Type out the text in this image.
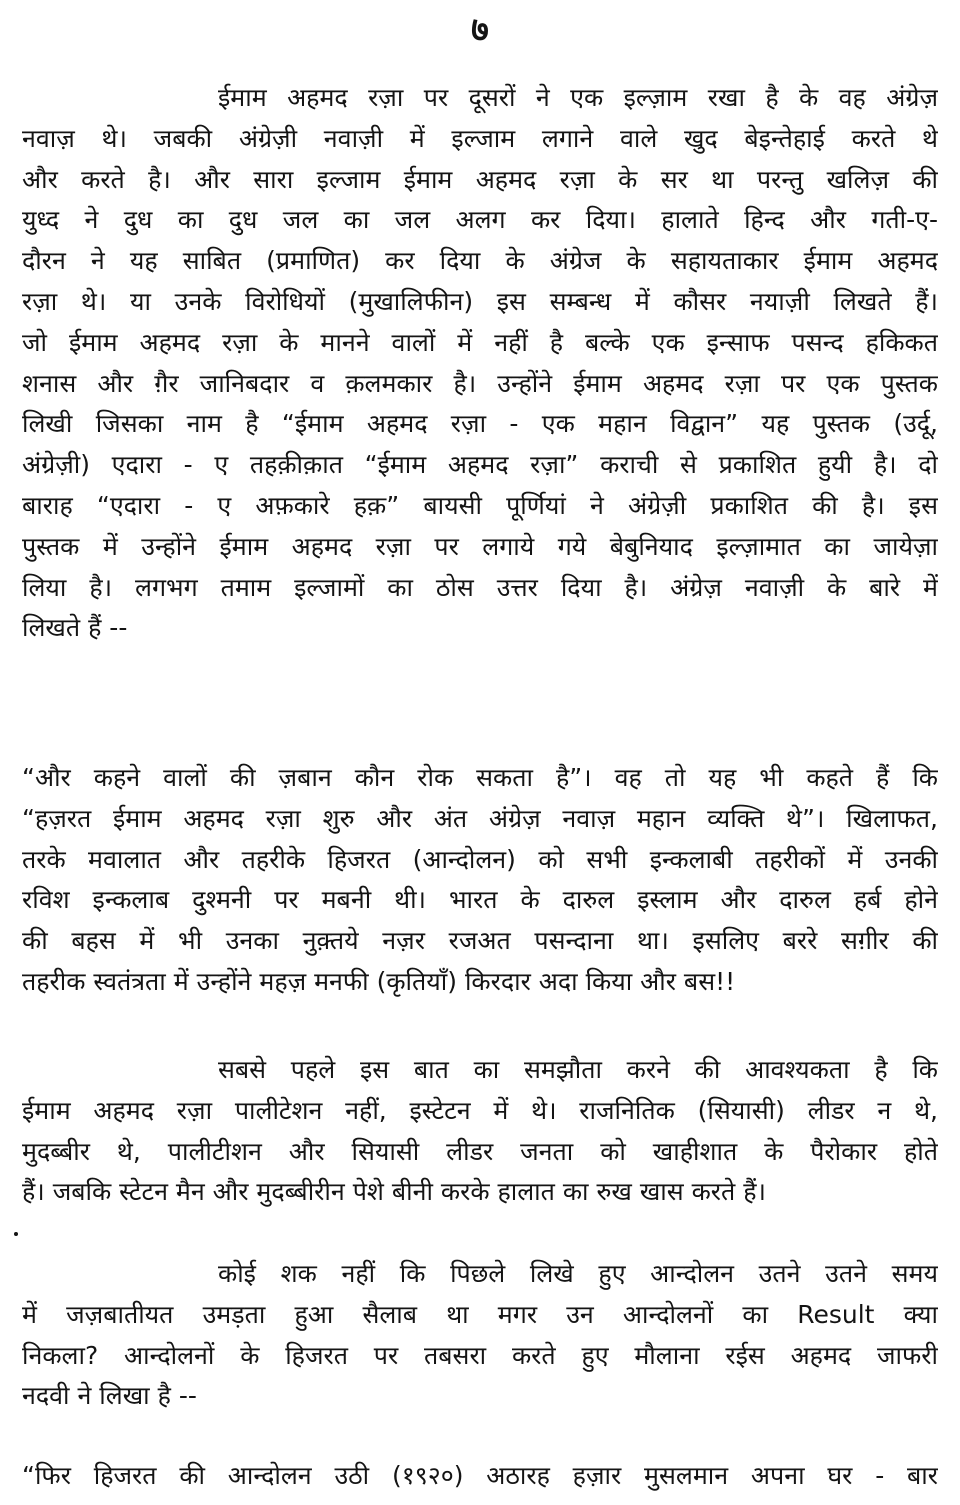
७
ईमाम अहमद रज़ा पर दूसरों ने एक इल्ज़ाम रखा है के वह अंग्रेज़
नवाज़ थे। जबकी अंग्रेज़ी नवाज़ी में इल्जाम लगाने वाले खुद बेइन्तेहाई करते थे
और करते है। और सारा इल्जाम ईमाम अहमद रज़ा के सर था परन्तु खलिज़ की
युध्द ने दुध का दुध जल का जल अलग कर दिया। हालाते हिन्द और गती-ए-
दौरन ने यह साबित (प्रमाणित) कर दिया के अंग्रेज के सहायताकार ईमाम अहमद
रज़ा थे। या उनके विरोधियों (मुखालिफीन) इस सम्बन्ध में कौसर नयाज़ी लिखते हैं।
जो ईमाम अहमद रज़ा के मानने वालों में नहीं है बल्के एक इन्साफ पसन्द हकिकत
शनास और ग़ैर जानिबदार व क़लमकार है। उन्होंने ईमाम अहमद रज़ा पर एक पुस्तक
लिखी जिसका नाम है “ईमाम अहमद रज़ा - एक महान विद्वान” यह पुस्तक (उर्दू,
अंग्रेज़ी) एदारा - ए तहक़ीक़ात “ईमाम अहमद रज़ा” कराची से प्रकाशित हुयी है। दो
बाराह “एदारा - ए अफ़कारे हक़” बायसी पूर्णियां ने अंग्रेज़ी प्रकाशित की है। इस
पुस्तक में उन्होंने ईमाम अहमद रज़ा पर लगाये गये बेबुनियाद इल्ज़ामात का जायेज़ा
लिया है। लगभग तमाम इल्जामों का ठोस उत्तर दिया है। अंग्रेज़ नवाज़ी के बारे में
लिखते हैं --
“और कहने वालों की ज़बान कौन रोक सकता है”। वह तो यह भी कहते हैं कि
“हज़रत ईमाम अहमद रज़ा शुरु और अंत अंग्रेज़ नवाज़ महान व्यक्ति थे”। खिलाफत,
तरके मवालात और तहरीके हिजरत (आन्दोलन) को सभी इन्कलाबी तहरीकों में उनकी
रविश इन्कलाब दुश्मनी पर मबनी थी। भारत के दारुल इस्लाम और दारुल हर्ब होने
की बहस में भी उनका नुक़्तये नज़र रजअत पसन्दाना था। इसलिए बररे सग़ीर की
तहरीक स्वतंत्रता में उन्होंने महज़ मनफी (कृतियाँ) किरदार अदा किया और बस!!
सबसे पहले इस बात का समझौता करने की आवश्यकता है कि
ईमाम अहमद रज़ा पालीटेशन नहीं, इस्टेटन में थे। राजनितिक (सियासी) लीडर न थे,
मुदब्बीर थे, पालीटीशन और सियासी लीडर जनता को खाहीशात के पैरोकार होते
हैं। जबकि स्टेटन मैन और मुदब्बीरीन पेशे बीनी करके हालात का रुख खास करते हैं।
कोई शक नहीं कि पिछले लिखे हुए आन्दोलन उतने उतने समय
में जज़बातीयत उमड़ता हुआ सैलाब था मगर उन आन्दोलनों का Result क्या
निकला? आन्दोलनों के हिजरत पर तबसरा करते हुए मौलाना रईस अहमद जाफरी
नदवी ने लिखा है --
“फिर हिजरत की आन्दोलन उठी (१९२०) अठारह हज़ार मुसलमान अपना घर - बार
